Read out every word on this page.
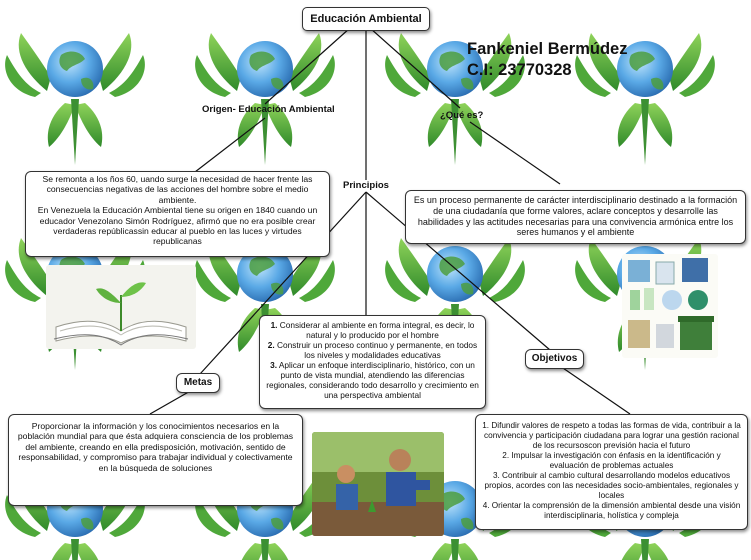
Educación Ambiental
Fankeniel Bermúdez
C.I: 23770328
Origen- Educación Ambiental
¿Qué es?
Principios
Se remonta a los ños 60, uando surge la necesidad de hacer frente las consecuencias negativas de las acciones del hombre sobre el medio ambiente.
En Venezuela la Educación Ambiental tiene su origen en 1840 cuando un educador Venezolano Simón Rodríguez, afirmó que no era posible crear verdaderas repúblicassin educar al pueblo en las luces y virtudes republicanas
Es un proceso permanente de carácter interdisciplinario destinado a la formación de una ciudadanía que forme valores, aclare conceptos y desarrolle las habilidades y las actitudes necesarias para una convivencia armónica entre los seres humanos y el ambiente
1. Considerar al ambiente en forma integral, es decir, lo natural y lo producido por el hombre
2. Construir un proceso continuo y permanente, en todos los niveles y modalidades educativas
3. Aplicar un enfoque interdisciplinario, histórico, con un punto de vista mundial, atendiendo las diferencias regionales, considerando todo desarrollo y crecimiento en una perspectiva ambiental
Metas
Objetivos
Proporcionar la información y los conocimientos necesarios en la población mundial para que ésta adquiera consciencia de los problemas del ambiente, creando en ella predisposición, motivación, sentido de responsabilidad, y compromiso para trabajar individual y colectivamente en la búsqueda de soluciones
1. Difundir valores de respeto a todas las formas de vida, contribuir a la convivencia y participación ciudadana para lograr una gestión racional de los recursoscon previsión hacia el futuro
2. Impulsar la investigación con énfasis en la identificación y evaluación de problemas actuales
3. Contribuir al cambio cultural desarrollando modelos educativos propios, acordes con las necesidades socio-ambientales, regionales y locales
4. Orientar la comprensión de la dimensión ambiental desde una visión interdisciplinaria, holística y compleja
